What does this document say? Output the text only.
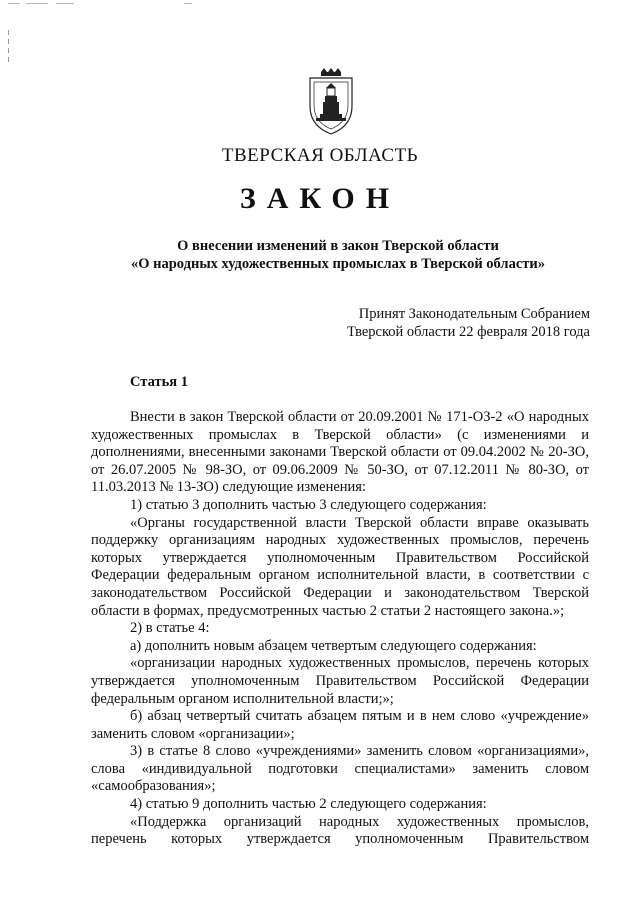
ТВЕРСКАЯ ОБЛАСТЬ
ЗАКОН
О внесении изменений в закон Тверской области
«О народных художественных промыслах в Тверской области»
Принят Законодательным Собранием
Тверской области 22 февраля 2018 года
Статья 1

Внести в закон Тверской области от 20.09.2001 № 171-ОЗ-2 «О народных художественных промыслах в Тверской области» (с изменениями и дополнениями, внесенными законами Тверской области от 09.04.2002 № 20-ЗО, от 26.07.2005 № 98-ЗО, от 09.06.2009 № 50-ЗО, от 07.12.2011 № 80-ЗО, от 11.03.2013 № 13-ЗО) следующие изменения:

1) статью 3 дополнить частью 3 следующего содержания:

«Органы государственной власти Тверской области вправе оказывать поддержку организациям народных художественных промыслов, перечень которых утверждается уполномоченным Правительством Российской Федерации федеральным органом исполнительной власти, в соответствии с законодательством Российской Федерации и законодательством Тверской области в формах, предусмотренных частью 2 статьи 2 настоящего закона.»;

2) в статье 4:

а) дополнить новым абзацем четвертым следующего содержания:

«организации народных художественных промыслов, перечень которых утверждается уполномоченным Правительством Российской Федерации федеральным органом исполнительной власти;»;

б) абзац четвертый считать абзацем пятым и в нем слово «учреждение» заменить словом «организации»;

3) в статье 8 слово «учреждениями» заменить словом «организациями», слова «индивидуальной подготовки специалистами» заменить словом «самообразования»;

4) статью 9 дополнить частью 2 следующего содержания:

«Поддержка организаций народных художественных промыслов, перечень которых утверждается уполномоченным Правительством
